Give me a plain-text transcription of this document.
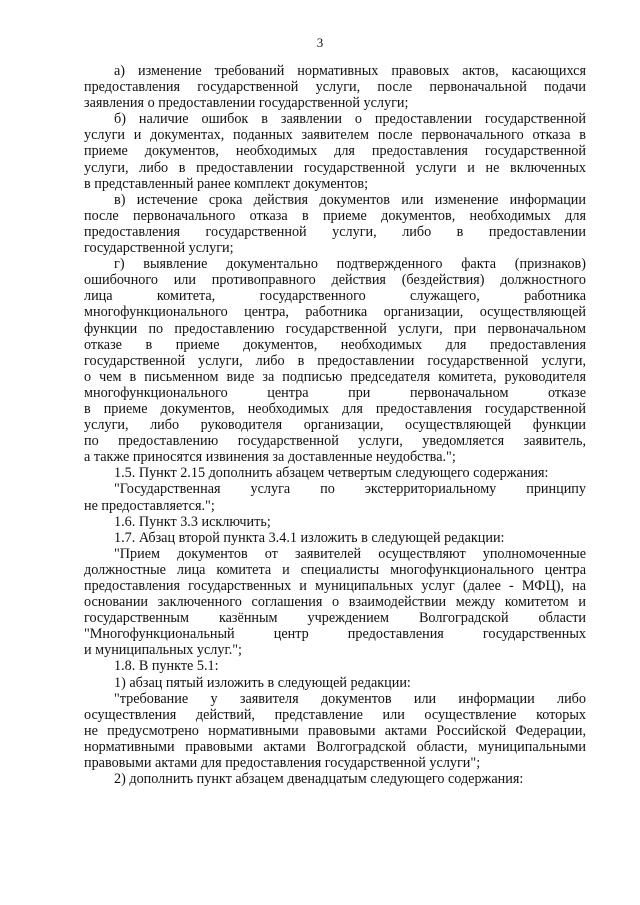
3
а) изменение требований нормативных правовых актов, касающихся
предоставления государственной услуги, после первоначальной подачи
заявления о предоставлении государственной услуги;
б) наличие ошибок в заявлении о предоставлении государственной
услуги и документах, поданных заявителем после первоначального отказа в
приеме документов, необходимых для предоставления государственной
услуги, либо в предоставлении государственной услуги и не включенных
в представленный ранее комплект документов;
в) истечение срока действия документов или изменение информации
после первоначального отказа в приеме документов, необходимых для
предоставления государственной услуги, либо в предоставлении
государственной услуги;
г) выявление документально подтвержденного факта (признаков)
ошибочного или противоправного действия (бездействия) должностного
лица комитета, государственного служащего, работника
многофункционального центра, работника организации, осуществляющей
функции по предоставлению государственной услуги, при первоначальном
отказе в приеме документов, необходимых для предоставления
государственной услуги, либо в предоставлении государственной услуги,
о чем в письменном виде за подписью председателя комитета, руководителя
многофункционального центра при первоначальном отказе
в приеме документов, необходимых для предоставления государственной
услуги, либо руководителя организации, осуществляющей функции
по предоставлению государственной услуги, уведомляется заявитель,
а также приносятся извинения за доставленные неудобства.";
1.5. Пункт 2.15 дополнить абзацем четвертым следующего содержания:
"Государственная услуга по экстерриториальному принципу
не предоставляется.";
1.6. Пункт 3.3 исключить;
1.7. Абзац второй пункта 3.4.1 изложить в следующей редакции:
"Прием документов от заявителей осуществляют уполномоченные
должностные лица комитета и специалисты многофункционального центра
предоставления государственных и муниципальных услуг (далее - МФЦ), на
основании заключенного соглашения о взаимодействии между комитетом и
государственным казённым учреждением Волгоградской области
"Многофункциональный центр предоставления государственных
и муниципальных услуг.";
1.8. В пункте 5.1:
1) абзац пятый изложить в следующей редакции:
"требование у заявителя документов или информации либо
осуществления действий, представление или осуществление которых
не предусмотрено нормативными правовыми актами Российской Федерации,
нормативными правовыми актами Волгоградской области, муниципальными
правовыми актами для предоставления государственной услуги";
2) дополнить пункт абзацем двенадцатым следующего содержания:
